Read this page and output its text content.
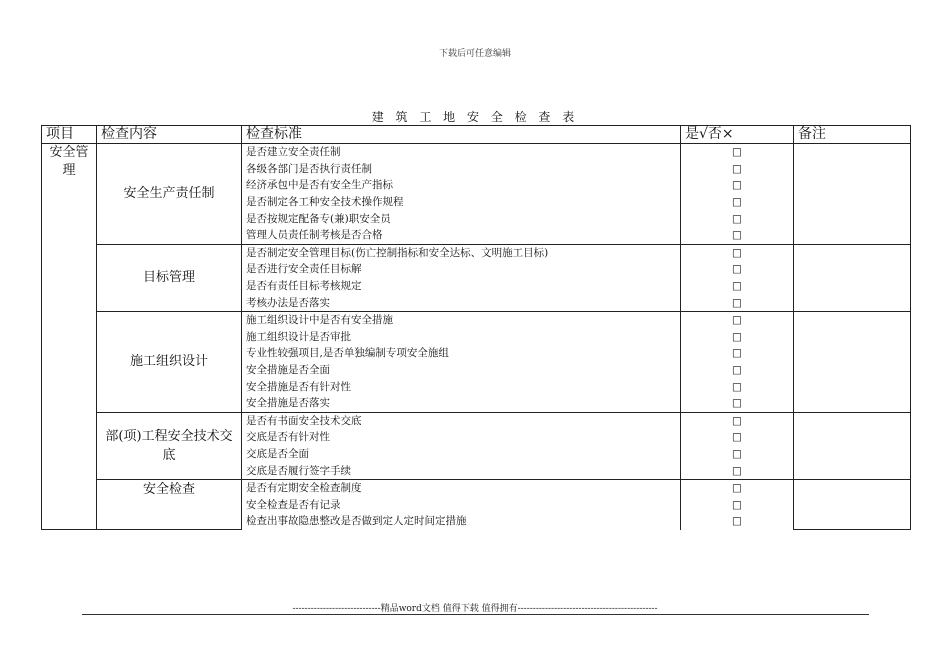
下载后可任意编辑
建 筑 工 地 安 全 检 查 表
项目	检查内容	检查标准	是√否×	备注
安全管理	安全生产责任制	是否建立安全责任制	□	
		各级各部门是否执行责任制	□	
		经济承包中是否有安全生产指标	□	
		是否制定各工种安全技术操作规程	□	
		是否按规定配备专(兼)职安全员	□	
		管理人员责任制考核是否合格	□	
	目标管理	是否制定安全管理目标(伤亡控制指标和安全达标、文明施工目标)	□	
		是否进行安全责任目标解	□	
		是否有责任目标考核规定	□	
		考核办法是否落实	□	
	施工组织设计	施工组织设计中是否有安全措施	□	
		施工组织设计是否审批	□	
		专业性较强项目,是否单独编制专项安全施组	□	
		安全措施是否全面	□	
		安全措施是否有针对性	□	
		安全措施是否落实	□	
	部(项)工程安全技术交底	是否有书面安全技术交底	□	
		交底是否有针对性	□	
		交底是否全面	□	
		交底是否履行签字手续	□	
	安全检查	是否有定期安全检查制度	□	
		安全检查是否有记录	□	
		检查出事故隐患整改是否做到定人定时间定措施	□	
-----------------------------精品word文档 值得下载 值得拥有----------------------------------------------
